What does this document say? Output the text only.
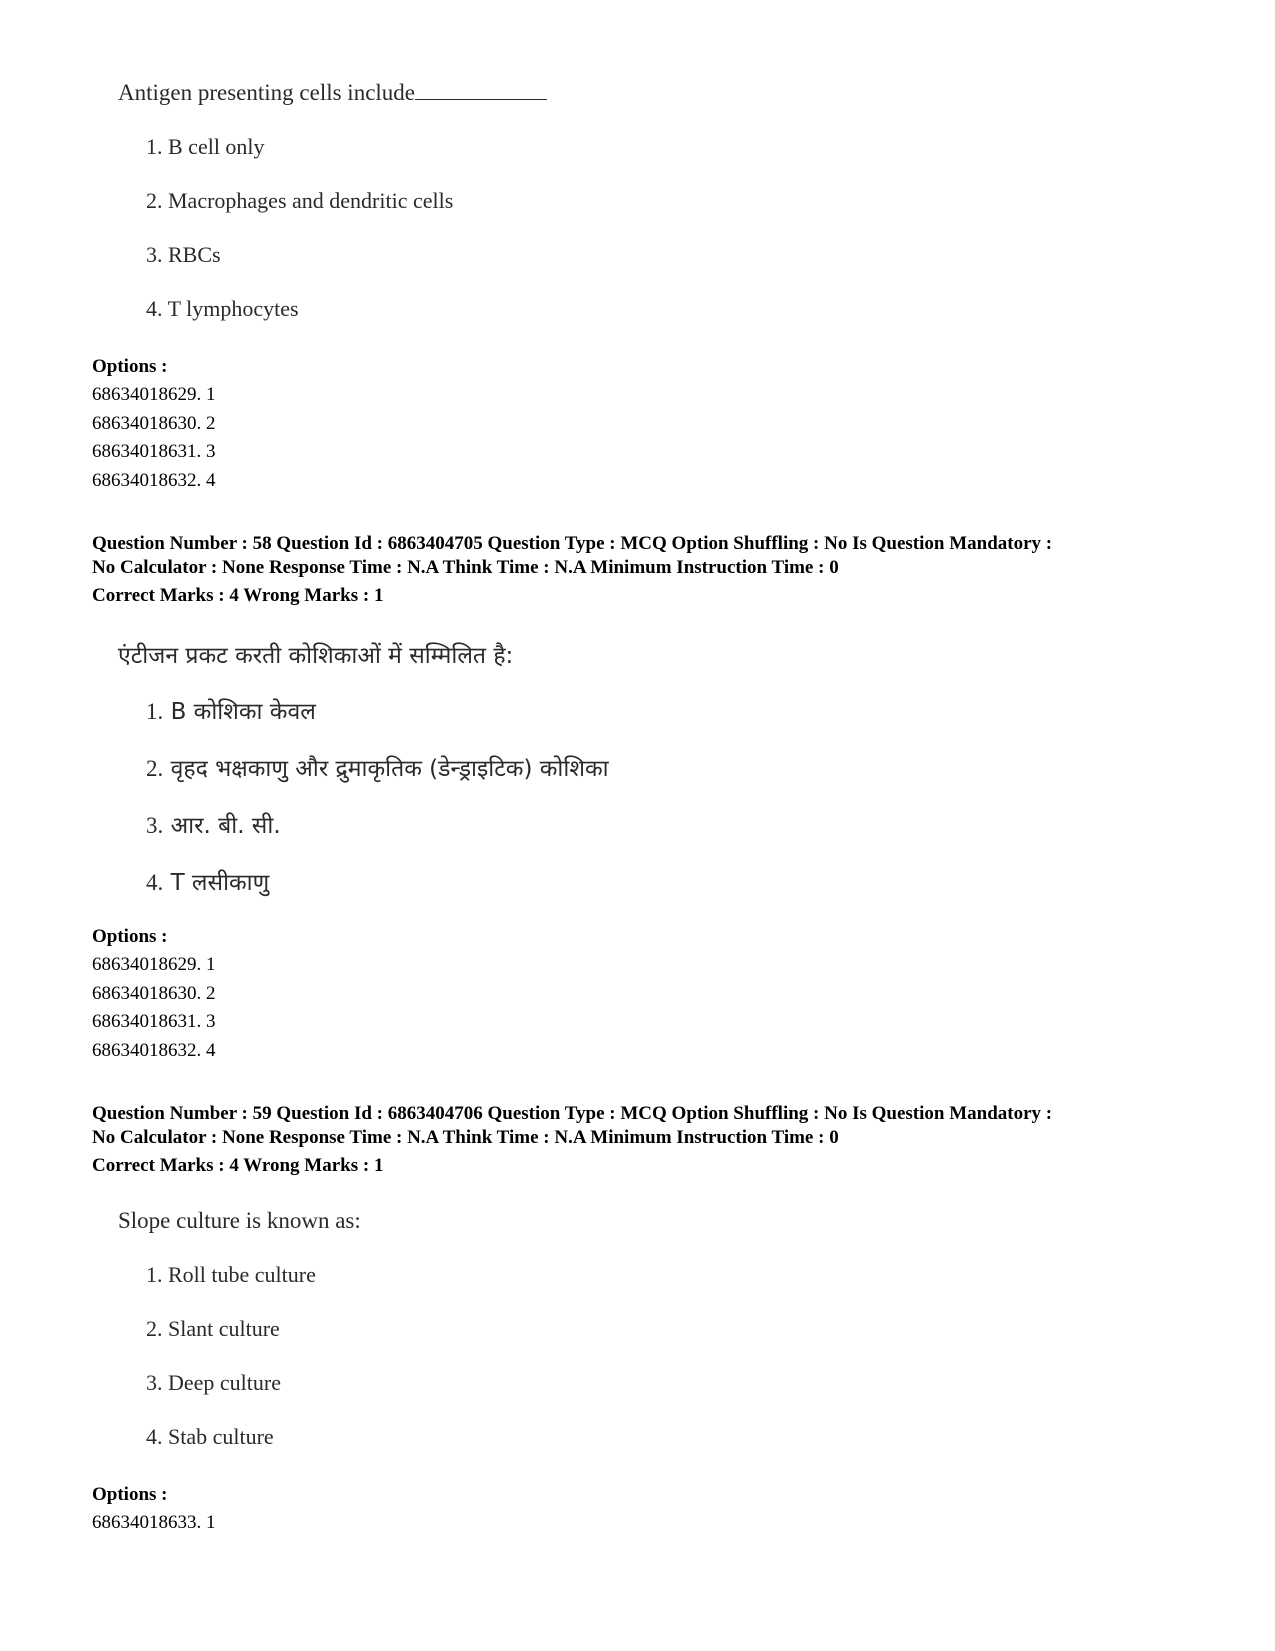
Antigen presenting cells include
1. B cell only
2. Macrophages and dendritic cells
3. RBCs
4. T lymphocytes
Options :
68634018629. 1
68634018630. 2
68634018631. 3
68634018632. 4
Question Number : 58 Question Id : 6863404705 Question Type : MCQ Option Shuffling : No Is Question Mandatory :
No Calculator : None Response Time : N.A Think Time : N.A Minimum Instruction Time : 0
Correct Marks : 4 Wrong Marks : 1
एंटीजन प्रकट करती कोशिकाओं में सम्मिलित है:
1. B कोशिका केवल
2. वृहद भक्षकाणु और द्रुमाकृतिक (डेन्ड्राइटिक) कोशिका
3. आर. बी. सी.
4. T लसीकाणु
Options :
68634018629. 1
68634018630. 2
68634018631. 3
68634018632. 4
Question Number : 59 Question Id : 6863404706 Question Type : MCQ Option Shuffling : No Is Question Mandatory :
No Calculator : None Response Time : N.A Think Time : N.A Minimum Instruction Time : 0
Correct Marks : 4 Wrong Marks : 1
Slope culture is known as:
1. Roll tube culture
2. Slant culture
3. Deep culture
4. Stab culture
Options :
68634018633. 1
